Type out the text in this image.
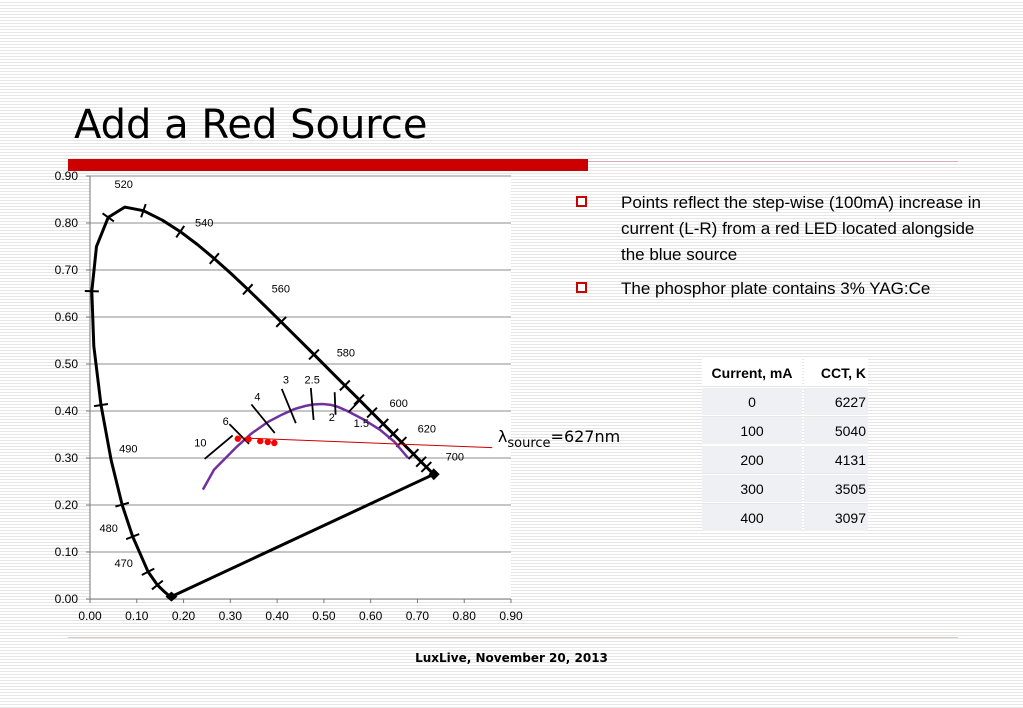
Add a Red Source
0.00
0.10
0.20
0.30
0.40
0.50
0.60
0.70
0.80
0.90
0.00 0.10 0.20 0.30 0.40 0.50 0.60 0.70 0.80 0.90
520
540
560
580
600
620
700
490
480
470
10
6
4
3 2.5
2
1.5
$\lambda_{source}=627nm$
Points reflect the step-wise (100mA) increase in current (L-R) from a red LED located alongside the blue source
The phosphor plate contains 3% YAG:Ce
Current, mA	CCT, K
0	6227
100	5040
200	4131
300	3505
400	3097
LuxLive, November 20, 2013
